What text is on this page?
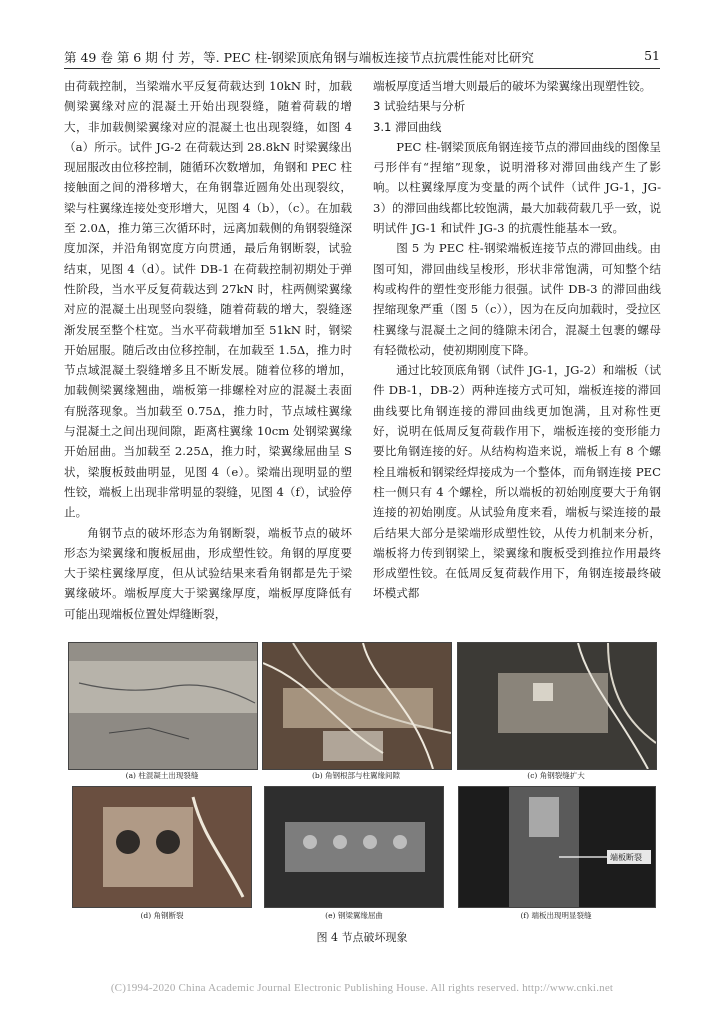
第 49 卷 第 6 期 付 芳，等. PEC 柱-钢梁顶底角钢与端板连接节点抗震性能对比研究	51

由荷载控制，当梁端水平反复荷载达到 10kN 时，加载侧梁翼缘对应的混凝土开始出现裂缝，随着荷载的增大，非加载侧梁翼缘对应的混凝土也出现裂缝，如图 4（a）所示。试件 JG-2 在荷载达到 28.8kN 时梁翼缘出现屈服改由位移控制，随循环次数增加，角钢和 PEC 柱接触面之间的滑移增大，在角钢靠近圆角处出现裂纹，梁与柱翼缘连接处变形增大，见图 4（b），（c）。在加载至 2.0Δ，推力第三次循环时，远离加载侧的角钢裂缝深度加深，并沿角钢宽度方向贯通，最后角钢断裂，试验结束，见图 4（d）。试件 DB-1 在荷载控制初期处于弹性阶段，当水平反复荷载达到 27kN 时，柱两侧梁翼缘对应的混凝土出现竖向裂缝，随着荷载的增大，裂缝逐渐发展至整个柱宽。当水平荷载增加至 51kN 时，钢梁开始屈服。随后改由位移控制，在加载至 1.5Δ，推力时节点域混凝土裂缝增多且不断发展。随着位移的增加，加载侧梁翼缘翘曲，端板第一排螺栓对应的混凝土表面有脱落现象。当加载至 0.75Δ，推力时，节点域柱翼缘与混凝土之间出现间隙，距离柱翼缘 10cm 处钢梁翼缘开始屈曲。当加载至 2.25Δ，推力时，梁翼缘屈曲呈 S 状，梁腹板鼓曲明显，见图 4（e）。梁端出现明显的塑性铰，端板上出现非常明显的裂缝，见图 4（f），试验停止。

角钢节点的破坏形态为角钢断裂，端板节点的破坏形态为梁翼缘和腹板屈曲，形成塑性铰。角钢的厚度要大于梁柱翼缘厚度，但从试验结果来看角钢都是先于梁翼缘破坏。端板厚度大于梁翼缘厚度，端板厚度降低有可能出现端板位置处焊缝断裂，

端板厚度适当增大则最后的破坏为梁翼缘出现塑性铰。

3 试验结果与分析

3.1 滞回曲线

PEC 柱-钢梁顶底角钢连接节点的滞回曲线的图像呈弓形伴有“捏缩”现象，说明滑移对滞回曲线产生了影响。以柱翼缘厚度为变量的两个试件（试件 JG-1，JG-3）的滞回曲线都比较饱满，最大加载荷载几乎一致，说明试件 JG-1 和试件 JG-3 的抗震性能基本一致。

图 5 为 PEC 柱-钢梁端板连接节点的滞回曲线。由图可知，滞回曲线呈梭形，形状非常饱满，可知整个结构或构件的塑性变形能力很强。试件 DB-3 的滞回曲线捏缩现象严重（图 5（c）），因为在反向加载时，受拉区柱翼缘与混凝土之间的缝隙未闭合，混凝土包裹的螺母有轻微松动，使初期刚度下降。

通过比较顶底角钢（试件 JG-1，JG-2）和端板（试件 DB-1，DB-2）两种连接方式可知，端板连接的滞回曲线要比角钢连接的滞回曲线更加饱满，且对称性更好，说明在低周反复荷载作用下，端板连接的变形能力要比角钢连接的好。从结构构造来说，端板上有 8 个螺栓且端板和钢梁经焊接成为一个整体，而角钢连接 PEC 柱一侧只有 4 个螺栓，所以端板的初始刚度要大于角钢连接的初始刚度。从试验角度来看，端板与梁连接的最后结果大部分是梁端形成塑性铰，从传力机制来分析，端板将力传到钢梁上，梁翼缘和腹板受到推拉作用最终形成塑性铰。在低周反复荷载作用下，角钢连接最终破坏模式都

(a) 柱混凝土出现裂缝	(b) 角钢根部与柱翼缘间隙	(c) 角钢裂缝扩大
端板断裂
(d) 角钢断裂	(e) 钢梁翼缘屈曲	(f) 端板出现明显裂缝
图 4 节点破坏现象
(C)1994-2020 China Academic Journal Electronic Publishing House. All rights reserved. http://www.cnki.net
